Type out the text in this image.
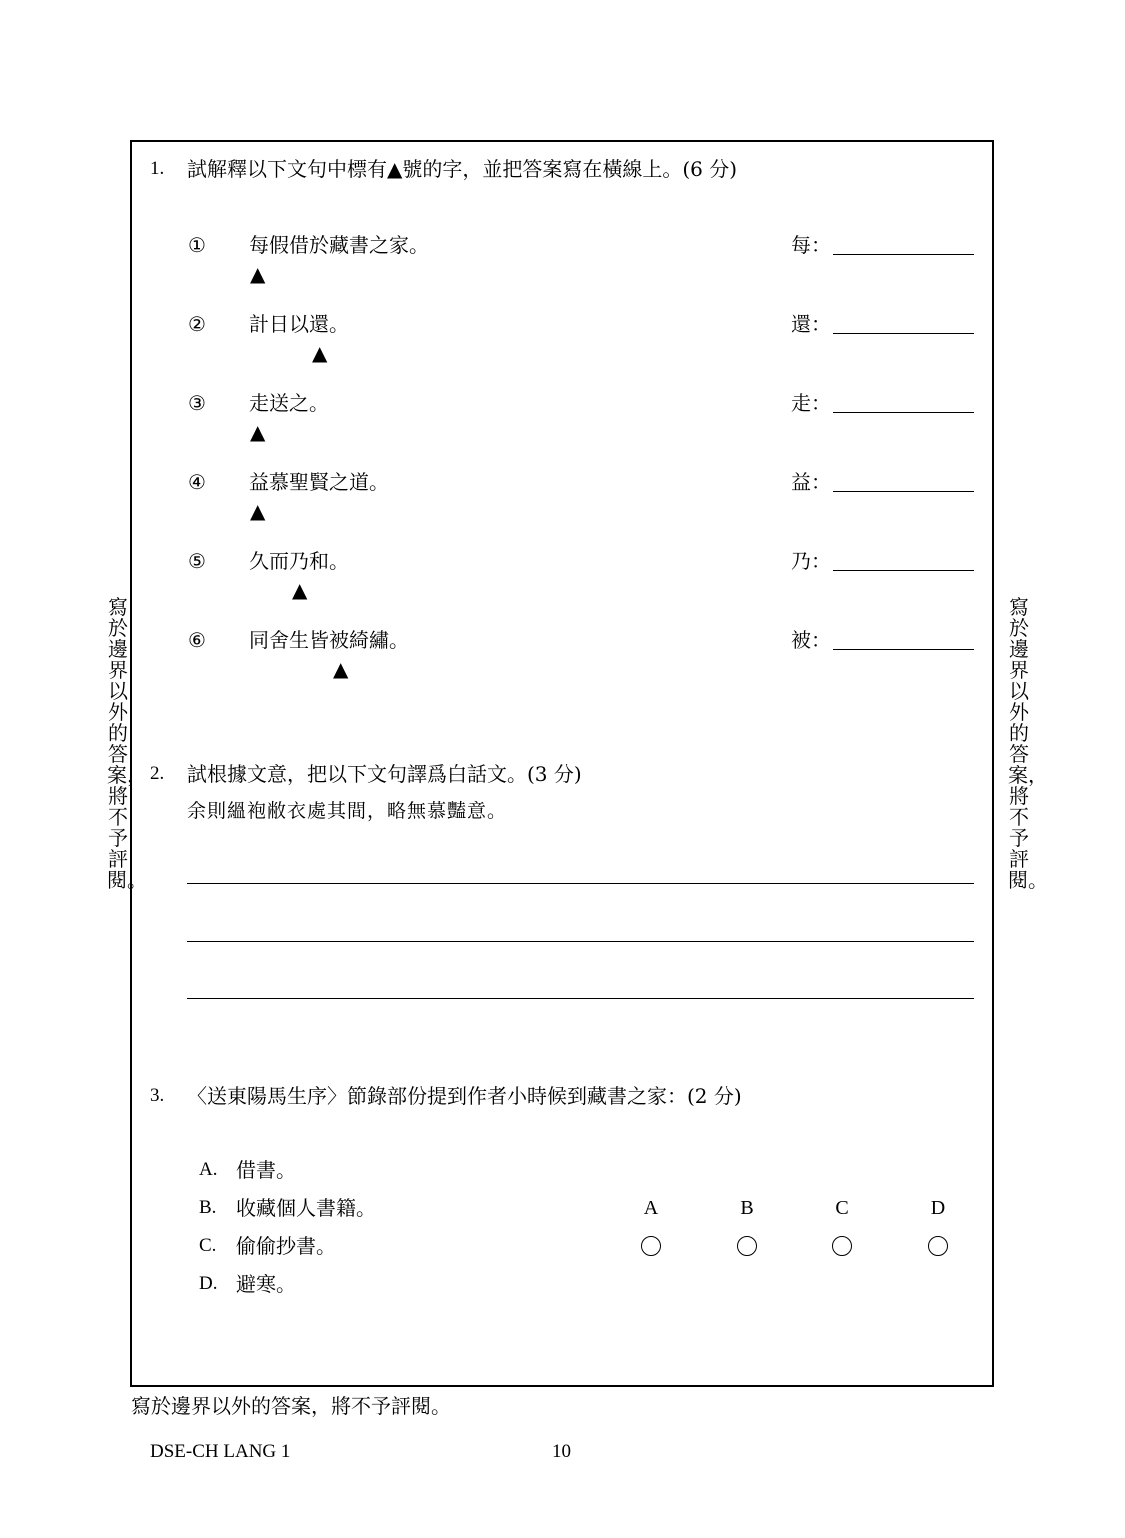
寫於邊界以外的答案，將不予評閱。
寫於邊界以外的答案，將不予評閱。
1. 試解釋以下文句中標有▲號的字，並把答案寫在橫線上。(6 分)
① 每假借於藏書之家。
▲
每：
② 計日以還。
▲
還：
③ 走送之。
▲
走：
④ 益慕聖賢之道。
▲
益：
⑤ 久而乃和。
▲
乃：
⑥ 同舍生皆被綺繡。
▲
被：
2. 試根據文意，把以下文句譯爲白話文。(3 分)
余則縕袍敝衣處其間，略無慕豔意。
3. 〈送東陽馬生序〉節錄部份提到作者小時候到藏書之家：(2 分)
A. 借書。
B. 收藏個人書籍。
C. 偷偷抄書。
D. 避寒。
A	B	C	D
寫於邊界以外的答案，將不予評閱。
DSE-CH LANG 1	10
